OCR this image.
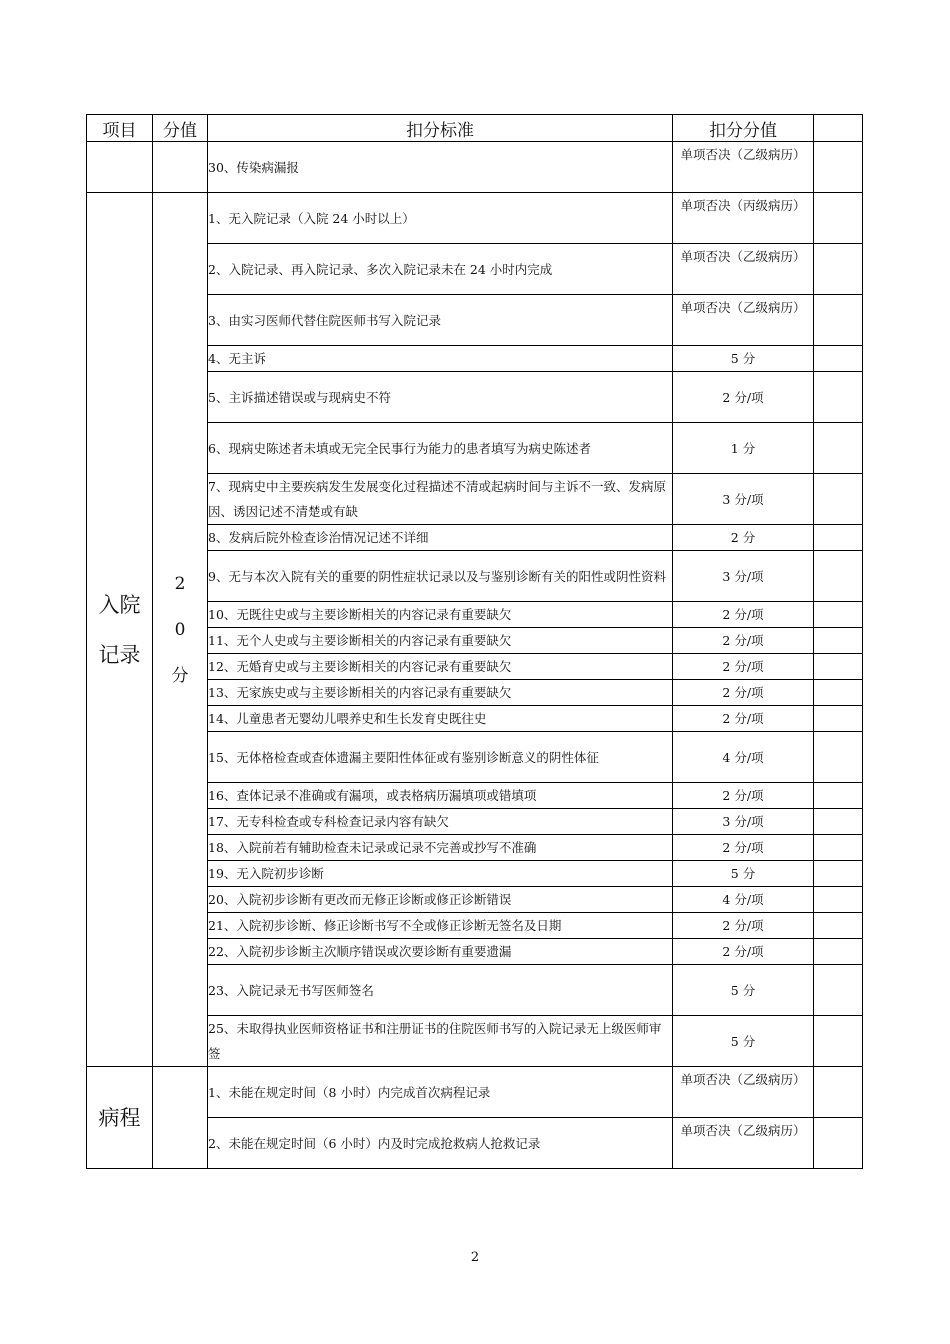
项目	分值	扣分标准	扣分分值	
		30、传染病漏报	单项否决（乙级病历）	
入院记录	20分	1、无入院记录（入院 24 小时以上）	单项否决（丙级病历）	
		2、入院记录、再入院记录、多次入院记录未在 24 小时内完成	单项否决（乙级病历）	
		3、由实习医师代替住院医师书写入院记录	单项否决（乙级病历）	
		4、无主诉	5 分	
		5、主诉描述错误或与现病史不符	2 分/项	
		6、现病史陈述者未填或无完全民事行为能力的患者填写为病史陈述者	1 分	
		7、现病史中主要疾病发生发展变化过程描述不清或起病时间与主诉不一致、发病原因、诱因记述不清楚或有缺	3 分/项	
		8、发病后院外检查诊治情况记述不详细	2 分	
		9、无与本次入院有关的重要的阴性症状记录以及与鉴别诊断有关的阳性或阴性资料	3 分/项	
		10、无既往史或与主要诊断相关的内容记录有重要缺欠	2 分/项	
		11、无个人史或与主要诊断相关的内容记录有重要缺欠	2 分/项	
		12、无婚育史或与主要诊断相关的内容记录有重要缺欠	2 分/项	
		13、无家族史或与主要诊断相关的内容记录有重要缺欠	2 分/项	
		14、儿童患者无婴幼儿喂养史和生长发育史既往史	2 分/项	
		15、无体格检查或查体遗漏主要阳性体征或有鉴别诊断意义的阴性体征	4 分/项	
		16、查体记录不准确或有漏项，或表格病历漏填项或错填项	2 分/项	
		17、无专科检查或专科检查记录内容有缺欠	3 分/项	
		18、入院前若有辅助检查未记录或记录不完善或抄写不准确	2 分/项	
		19、无入院初步诊断	5 分	
		20、入院初步诊断有更改而无修正诊断或修正诊断错误	4 分/项	
		21、入院初步诊断、修正诊断书写不全或修正诊断无签名及日期	2 分/项	
		22、入院初步诊断主次顺序错误或次要诊断有重要遗漏	2 分/项	
		23、入院记录无书写医师签名	5 分	
		25、未取得执业医师资格证书和注册证书的住院医师书写的入院记录无上级医师审签	5 分	
病程		1、未能在规定时间（8 小时）内完成首次病程记录	单项否决（乙级病历）	
		2、未能在规定时间（6 小时）内及时完成抢救病人抢救记录	单项否决（乙级病历）	
2
